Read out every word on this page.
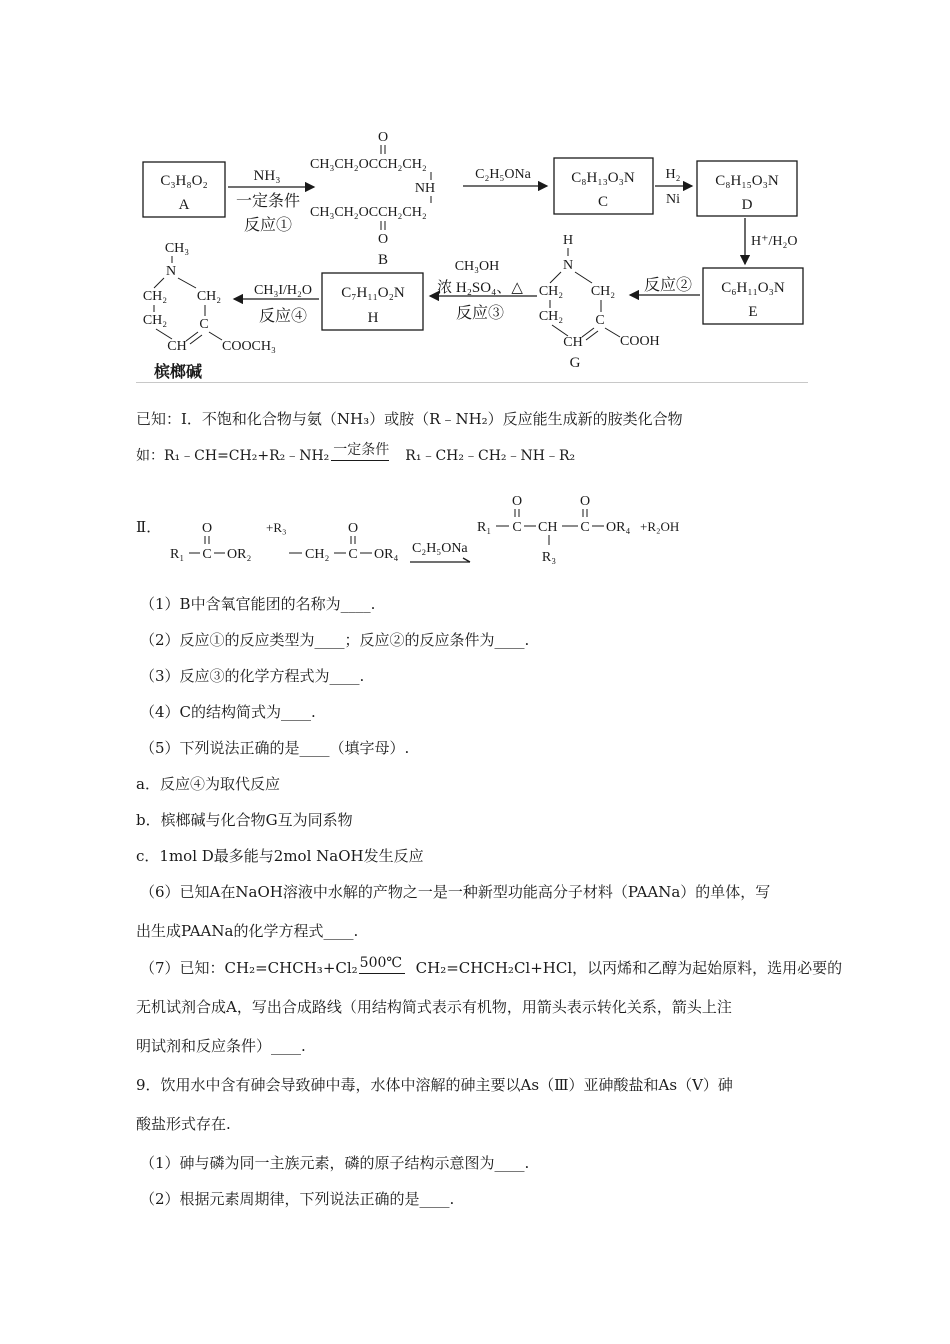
C₃H₈O₂
A
NH₃
一定条件
反应①
O
CH₃CH₂OCCH₂CH₂
NH
CH₃CH₂OCCH₂CH₂
O
B
C₂H₅ONa	C₈H₁₃O₃N
C
H₂
Ni
C₈H₁₅O₃N
D
H⁺/H₂O
C₆H₁₁O₃N
E
反应②
H
N
CH₂ CH₂
CH₂ C
CH	COOH
G
CH₃OH
浓 H₂SO₄、△
反应③
C₇H₁₁O₂N
H
CH₃I/H₂O
反应④
CH₃
N
CH₂ CH₂
CH₂ C
CH	COOCH₃
槟榔碱
已知：Ⅰ．不饱和化合物与氨（NH₃）或胺（R﹣NH₂）反应能生成新的胺类化合物
如：R₁﹣CH=CH₂+R₂﹣NH₂ 一定条件 R₁﹣CH₂﹣CH₂﹣NH﹣R₂
Ⅱ．	O
R₁ C OR₂
+R₃
CH₂
O
C OR₄ C₂H₅ONa
O
R₁ C CH
R₃
O
C OR₄ +R₂OH
（1）B中含氧官能团的名称为____.
（2）反应①的反应类型为____；反应②的反应条件为____.
（3）反应③的化学方程式为____.
（4）C的结构简式为____.
（5）下列说法正确的是____（填字母）.
a．反应④为取代反应
b．槟榔碱与化合物G互为同系物
c．1mol D最多能与2mol NaOH发生反应
（6）已知A在NaOH溶液中水解的产物之一是一种新型功能高分子材料（PAANa）的单体，写
出生成PAANa的化学方程式____.
（7）已知：CH₂=CHCH₃+Cl₂ 500℃ CH₂=CHCH₂Cl+HCl，以丙烯和乙醇为起始原料，选用必要的
无机试剂合成A，写出合成路线（用结构简式表示有机物，用箭头表示转化关系，箭头上注
明试剂和反应条件）____.
9．饮用水中含有砷会导致砷中毒，水体中溶解的砷主要以As（Ⅲ）亚砷酸盐和As（Ⅴ）砷
酸盐形式存在.
（1）砷与磷为同一主族元素，磷的原子结构示意图为____.
（2）根据元素周期律，下列说法正确的是____.
